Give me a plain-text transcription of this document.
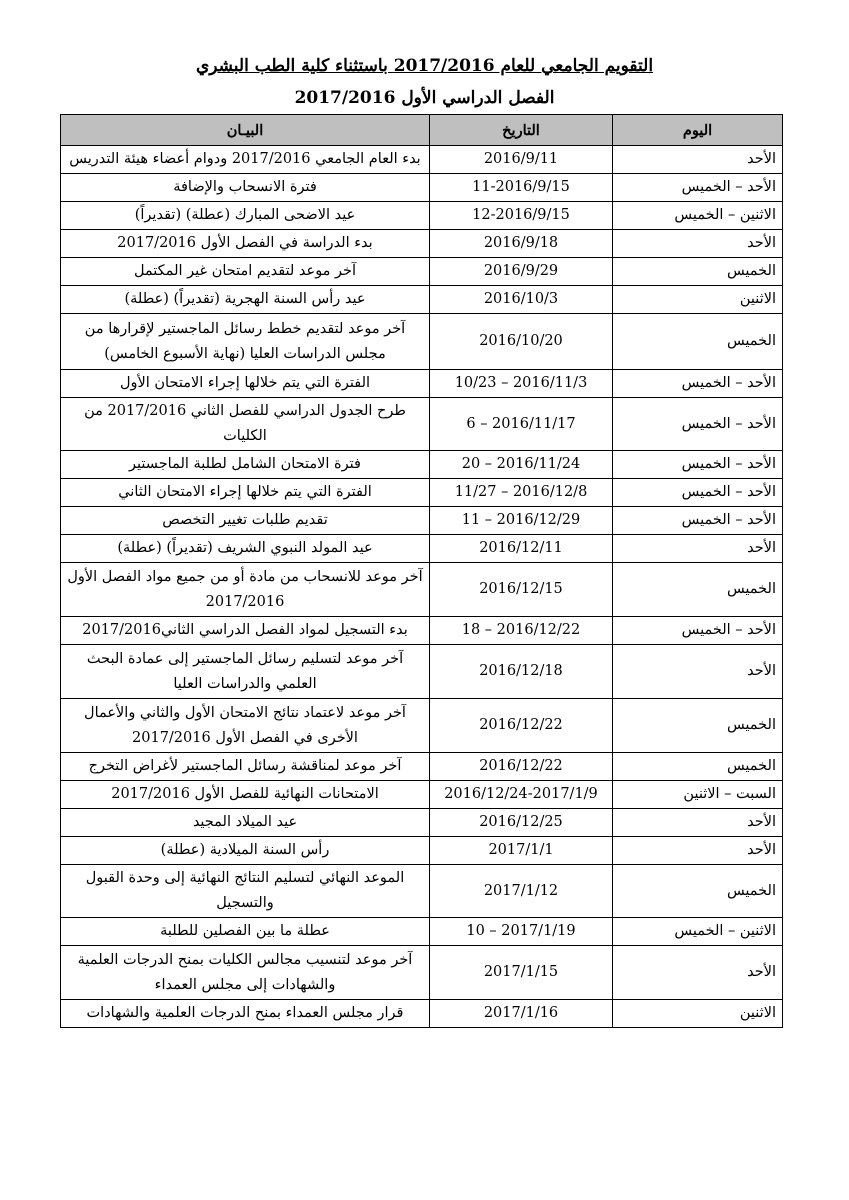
التقويم الجامعي للعام 2017/2016 باستثناء كلية الطب البشري
الفصل الدراسي الأول 2017/2016
اليوم	التاريخ	البيـان
الأحد	2016/9/11	بدء العام الجامعي 2017/2016 ودوام أعضاء هيئة التدريس
الأحد – الخميس	11-2016/9/15	فترة الانسحاب والإضافة
الاثنين – الخميس	12-2016/9/15	عيد الاضحى المبارك (عطلة) (تقديراً)
الأحد	2016/9/18	بدء الدراسة في الفصل الأول 2017/2016
الخميس	2016/9/29	آخر موعد لتقديم امتحان غير المكتمل
الاثنين	2016/10/3	عيد رأس السنة الهجرية (تقديراً) (عطلة)
الخميس	2016/10/20	آخر موعد لتقديم خطط رسائل الماجستير لإقرارها من مجلس الدراسات العليا (نهاية الأسبوع الخامس)
الأحد – الخميس	10/23 – 2016/11/3	الفترة التي يتم خلالها إجراء الامتحان الأول
الأحد – الخميس	6 – 2016/11/17	طرح الجدول الدراسي للفصل الثاني 2017/2016 من الكليات
الأحد – الخميس	20 – 2016/11/24	فترة الامتحان الشامل لطلبة الماجستير
الأحد – الخميس	11/27 – 2016/12/8	الفترة التي يتم خلالها إجراء الامتحان الثاني
الأحد – الخميس	11 – 2016/12/29	تقديم طلبات تغيير التخصص
الأحد	2016/12/11	عيد المولد النبوي الشريف (تقديراً) (عطلة)
الخميس	2016/12/15	آخر موعد للانسحاب من مادة أو من جميع مواد الفصل الأول 2017/2016
الأحد – الخميس	18 – 2016/12/22	بدء التسجيل لمواد الفصل الدراسي الثاني2017/2016
الأحد	2016/12/18	آخر موعد لتسليم رسائل الماجستير إلى عمادة البحث العلمي والدراسات العليا
الخميس	2016/12/22	آخر موعد لاعتماد نتائج الامتحان الأول والثاني والأعمال الأخرى في الفصل الأول 2017/2016
الخميس	2016/12/22	آخر موعد لمناقشة رسائل الماجستير لأغراض التخرج
السبت – الاثنين	2016/12/24-2017/1/9	الامتحانات النهائية للفصل الأول 2017/2016
الأحد	2016/12/25	عيد الميلاد المجيد
الأحد	2017/1/1	رأس السنة الميلادية (عطلة)
الخميس	2017/1/12	الموعد النهائي لتسليم النتائج النهائية إلى وحدة القبول والتسجيل
الاثنين – الخميس	10 – 2017/1/19	عطلة ما بين الفصلين للطلبة
الأحد	2017/1/15	آخر موعد لتنسيب مجالس الكليات بمنح الدرجات العلمية والشهادات إلى مجلس العمداء
الاثنين	2017/1/16	قرار مجلس العمداء بمنح الدرجات العلمية والشهادات
